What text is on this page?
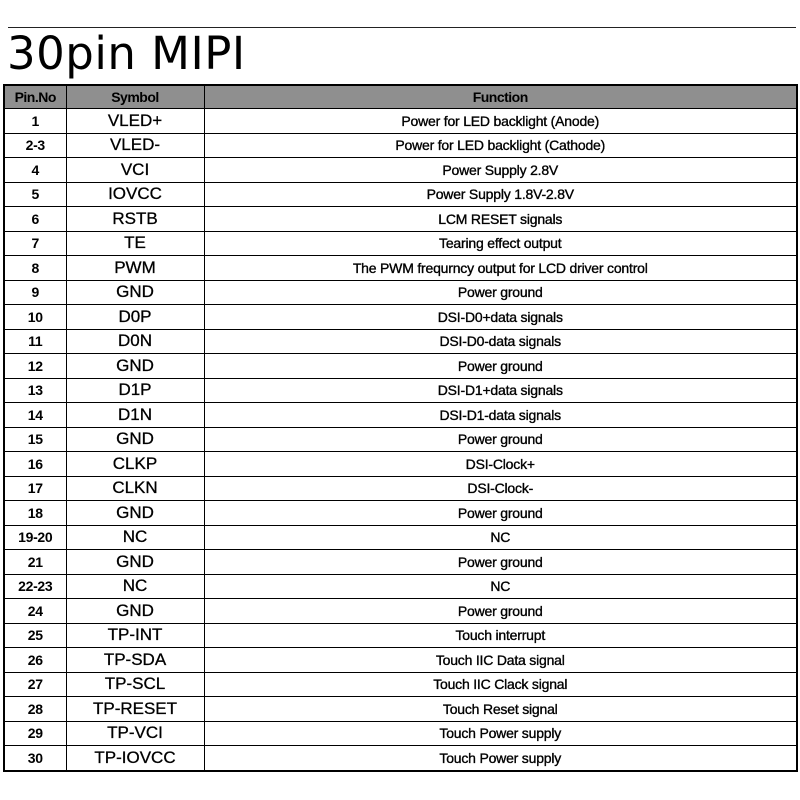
30pin MIPI
Pin.No	Symbol	Function
1	VLED+	Power for LED backlight (Anode)
2-3	VLED-	Power for LED backlight (Cathode)
4	VCI	Power Supply 2.8V
5	IOVCC	Power Supply 1.8V-2.8V
6	RSTB	LCM RESET signals
7	TE	Tearing effect output
8	PWM	The PWM frequrncy output for LCD driver control
9	GND	Power ground
10	D0P	DSI-D0+data signals
11	D0N	DSI-D0-data signals
12	GND	Power ground
13	D1P	DSI-D1+data signals
14	D1N	DSI-D1-data signals
15	GND	Power ground
16	CLKP	DSI-Clock+
17	CLKN	DSI-Clock-
18	GND	Power ground
19-20	NC	NC
21	GND	Power ground
22-23	NC	NC
24	GND	Power ground
25	TP-INT	Touch interrupt
26	TP-SDA	Touch IIC Data signal
27	TP-SCL	Touch IIC Clack signal
28	TP-RESET	Touch Reset signal
29	TP-VCI	Touch Power supply
30	TP-IOVCC	Touch Power supply
